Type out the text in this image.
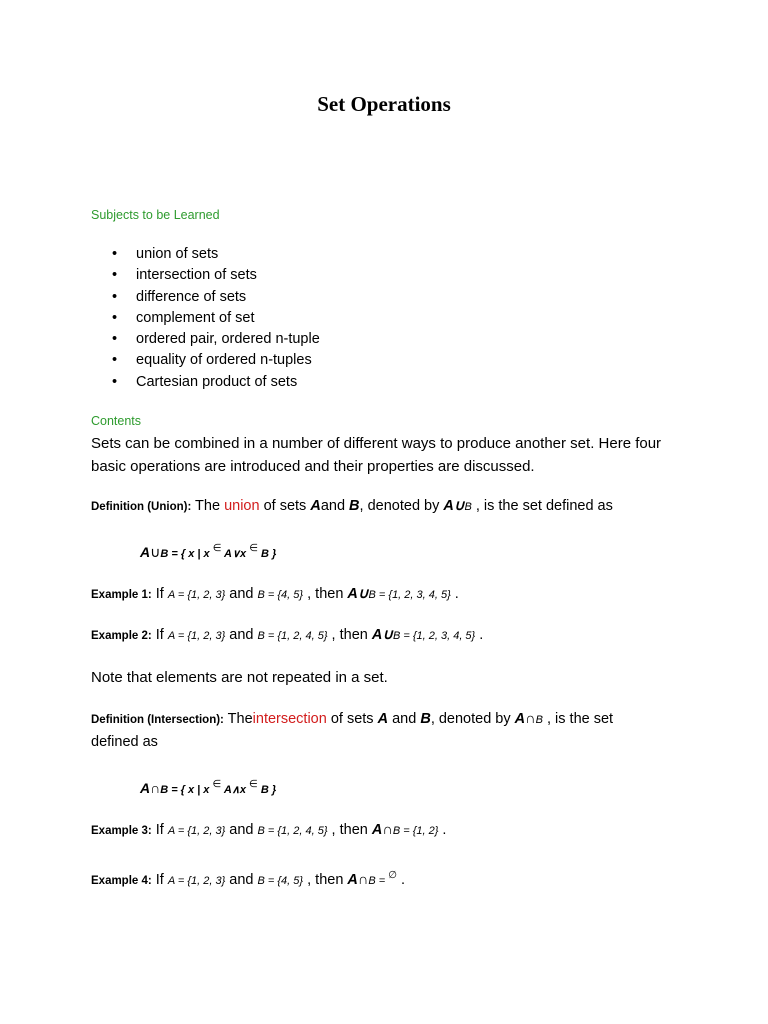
Set Operations
Subjects to be Learned
• union of sets
• intersection of sets
• difference of sets
• complement of set
• ordered pair, ordered n-tuple
• equality of ordered n-tuples
• Cartesian product of sets
Contents
Sets can be combined in a number of different ways to produce another set. Here four basic operations are introduced and their properties are discussed.
Definition (Union): The union of sets Aand B, denoted by A∪B , is the set defined as
A∪B = { x | x ∈ A∨x ∈ B }
Example 1: If A = {1, 2, 3} and B = {4, 5} , then A∪B = {1, 2, 3, 4, 5} .
Example 2: If A = {1, 2, 3} and B = {1, 2, 4, 5} , then A∪B = {1, 2, 3, 4, 5} .
Note that elements are not repeated in a set.
Definition (Intersection): Theintersection of sets A and B, denoted by A∩B , is the set
defined as
A∩B = { x | x ∈ A∧x ∈ B }
Example 3: If A = {1, 2, 3} and B = {1, 2, 4, 5} , then A∩B = {1, 2} .
Example 4: If A = {1, 2, 3} and B = {4, 5} , then A∩B = ∅ .
